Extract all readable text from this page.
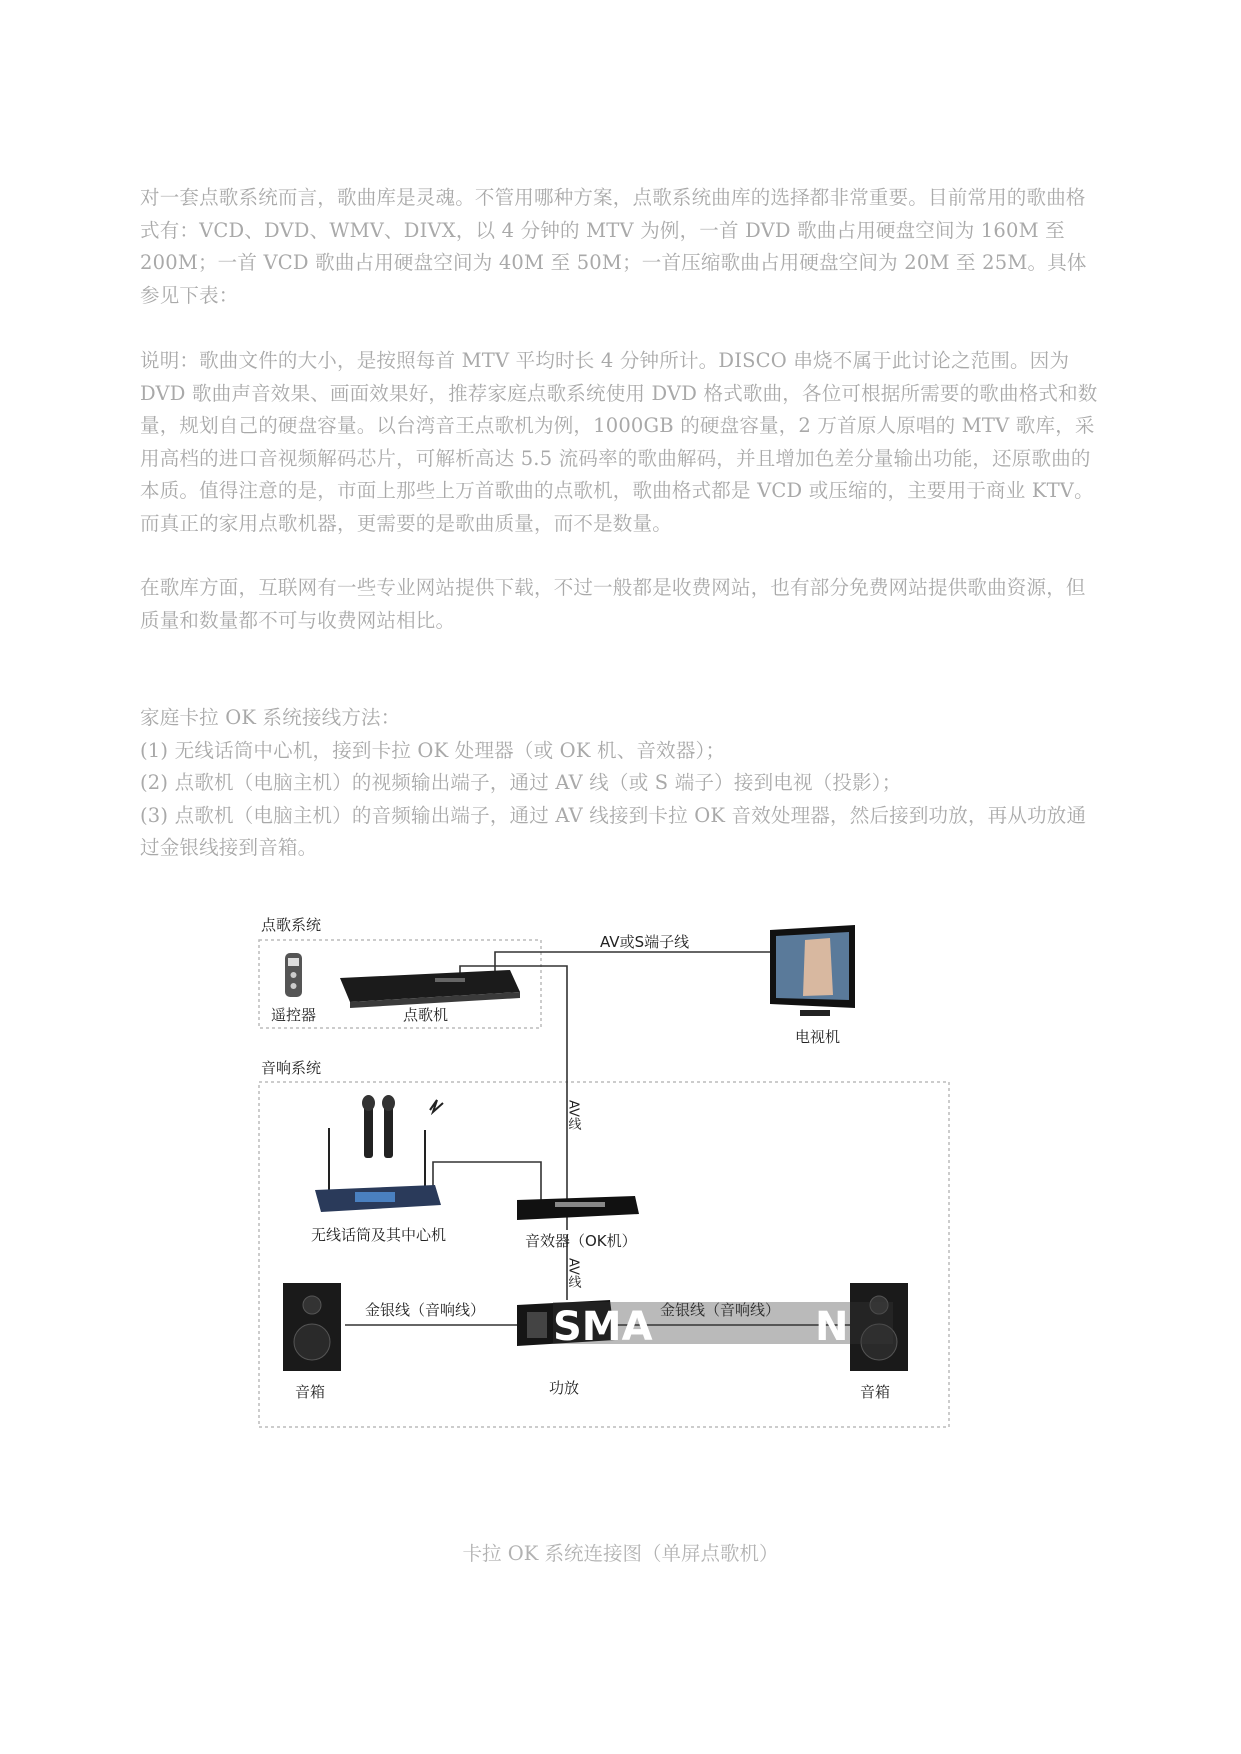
对一套点歌系统而言，歌曲库是灵魂。不管用哪种方案，点歌系统曲库的选择都非常重要。目前常用的歌曲格式有：VCD、DVD、WMV、DIVX，以 4 分钟的 MTV 为例，一首 DVD 歌曲占用硬盘空间为 160M 至 200M；一首 VCD 歌曲占用硬盘空间为 40M 至 50M；一首压缩歌曲占用硬盘空间为 20M 至 25M。具体参见下表：

说明：歌曲文件的大小，是按照每首 MTV 平均时长 4 分钟所计。DISCO 串烧不属于此讨论之范围。因为 DVD 歌曲声音效果、画面效果好，推荐家庭点歌系统使用 DVD 格式歌曲，各位可根据所需要的歌曲格式和数量，规划自己的硬盘容量。以台湾音王点歌机为例，1000GB 的硬盘容量，2 万首原人原唱的 MTV 歌库，采用高档的进口音视频解码芯片，可解析高达 5.5 流码率的歌曲解码，并且增加色差分量输出功能，还原歌曲的本质。值得注意的是，市面上那些上万首歌曲的点歌机，歌曲格式都是 VCD 或压缩的，主要用于商业 KTV。而真正的家用点歌机器，更需要的是歌曲质量，而不是数量。

在歌库方面，互联网有一些专业网站提供下载，不过一般都是收费网站，也有部分免费网站提供歌曲资源，但质量和数量都不可与收费网站相比。

家庭卡拉 OK 系统接线方法：

(1) 无线话筒中心机，接到卡拉 OK 处理器（或 OK 机、音效器）；

(2) 点歌机（电脑主机）的视频输出端子，通过 AV 线（或 S 端子）接到电视（投影）；

(3) 点歌机（电脑主机）的音频输出端子，通过 AV 线接到卡拉 OK 音效处理器，然后接到功放，再从功放通过金银线接到音箱。

点歌系统
音响系统
AV或S端子线
AV线
AV线
遥控器	点歌机
电视机
无线话筒及其中心机	音效器（OK机）
音箱	音箱
功放
金银线（音响线）	金银线（音响线）
SMA	N
卡拉 OK 系统连接图（单屏点歌机）
